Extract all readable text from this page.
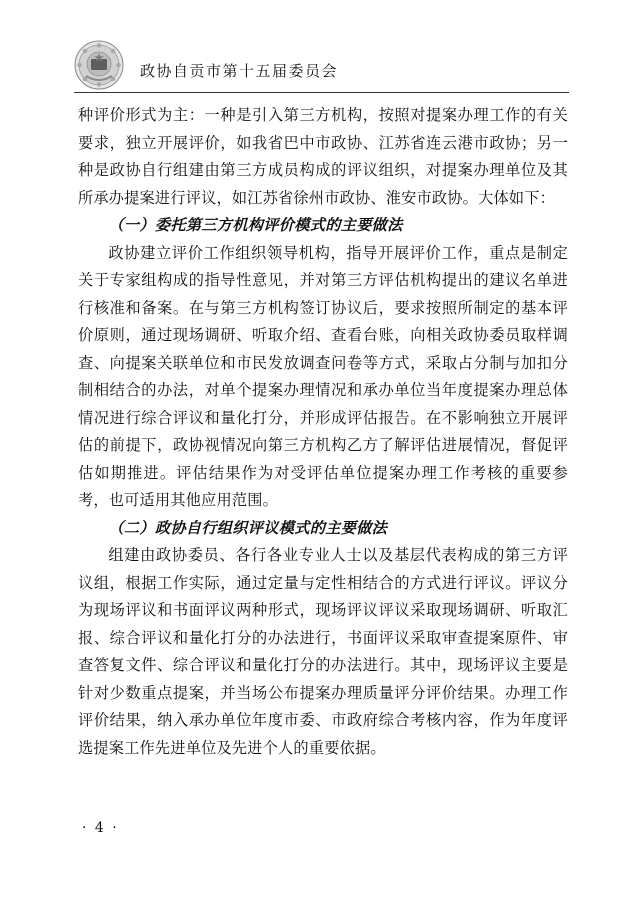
政协自贡市第十五届委员会

种评价形式为主：一种是引入第三方机构，按照对提案办理工作的有关要求，独立开展评价，如我省巴中市政协、江苏省连云港市政协；另一种是政协自行组建由第三方成员构成的评议组织，对提案办理单位及其所承办提案进行评议，如江苏省徐州市政协、淮安市政协。大体如下：

（一）委托第三方机构评价模式的主要做法

政协建立评价工作组织领导机构，指导开展评价工作，重点是制定关于专家组构成的指导性意见，并对第三方评估机构提出的建议名单进行核准和备案。在与第三方机构签订协议后，要求按照所制定的基本评价原则，通过现场调研、听取介绍、查看台账，向相关政协委员取样调查、向提案关联单位和市民发放调查问卷等方式，采取占分制与加扣分制相结合的办法，对单个提案办理情况和承办单位当年度提案办理总体情况进行综合评议和量化打分，并形成评估报告。在不影响独立开展评估的前提下，政协视情况向第三方机构乙方了解评估进展情况，督促评估如期推进。评估结果作为对受评估单位提案办理工作考核的重要参考，也可适用其他应用范围。

（二）政协自行组织评议模式的主要做法

组建由政协委员、各行各业专业人士以及基层代表构成的第三方评议组，根据工作实际，通过定量与定性相结合的方式进行评议。评议分为现场评议和书面评议两种形式，现场评议评议采取现场调研、听取汇报、综合评议和量化打分的办法进行，书面评议采取审查提案原件、审查答复文件、综合评议和量化打分的办法进行。其中，现场评议主要是针对少数重点提案，并当场公布提案办理质量评分评价结果。办理工作评价结果，纳入承办单位年度市委、市政府综合考核内容，作为年度评选提案工作先进单位及先进个人的重要依据。

· 4 ·
